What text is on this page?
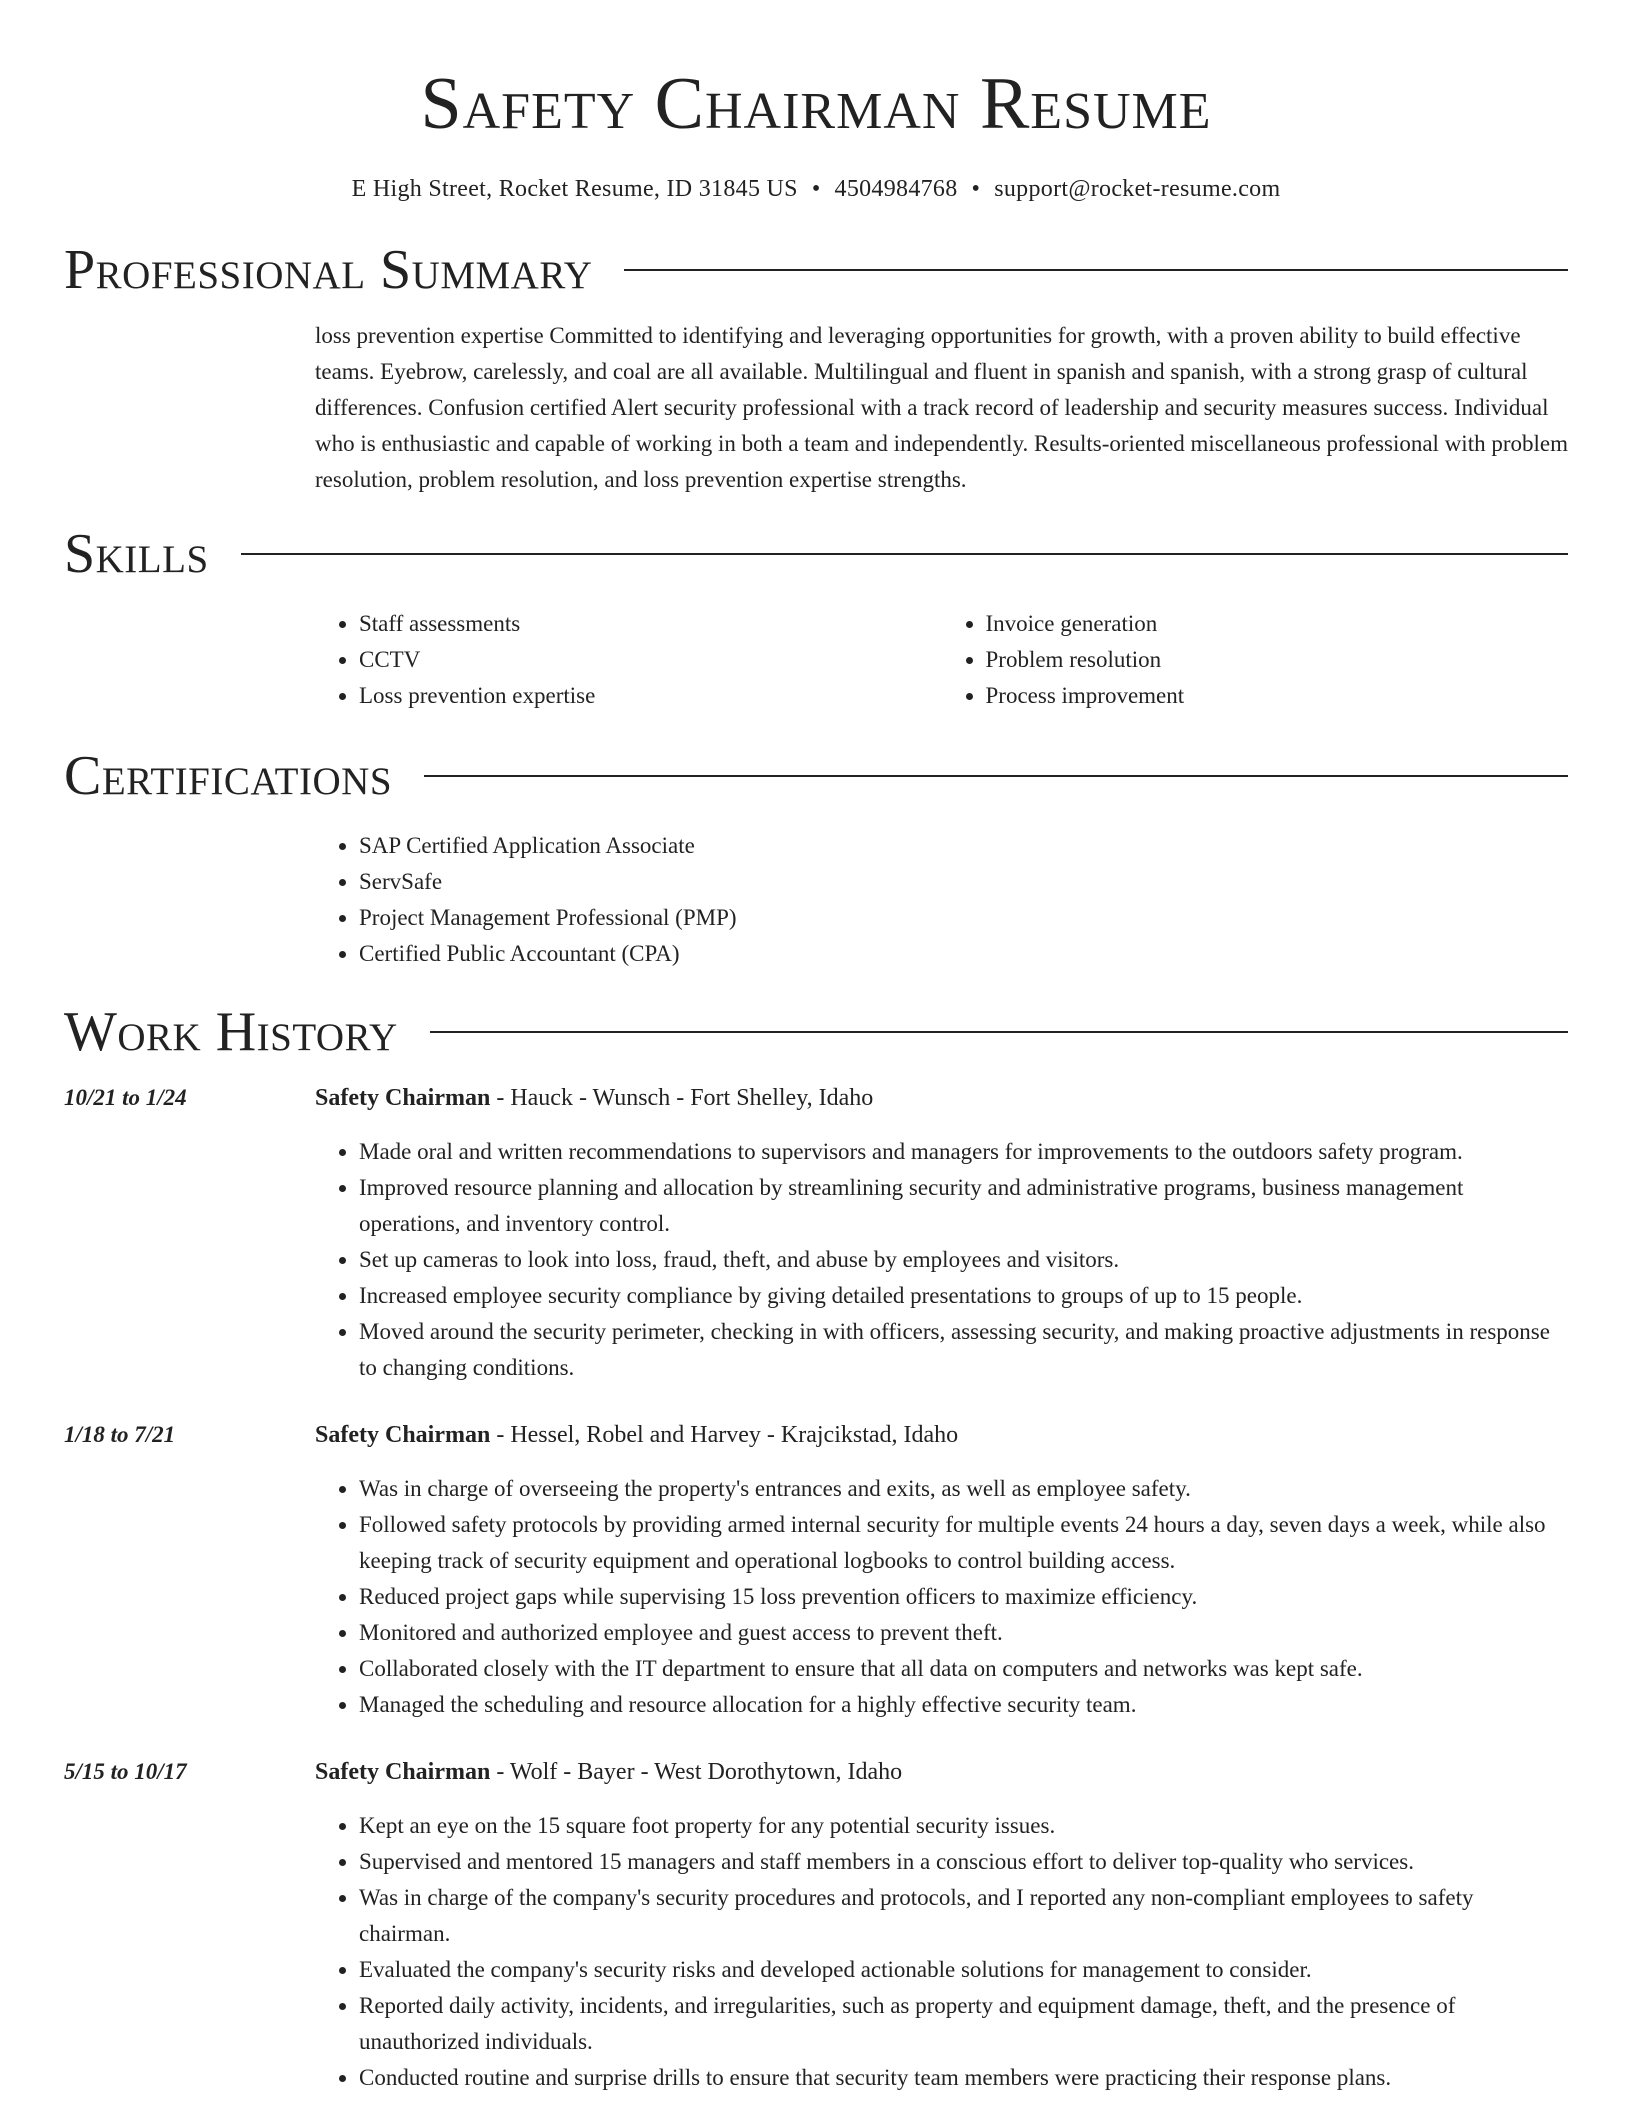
Safety Chairman Resume
E High Street, Rocket Resume, ID 31845 US • 4504984768 • support@rocket-resume.com
Professional Summary
loss prevention expertise Committed to identifying and leveraging opportunities for growth, with a proven ability to build effective teams. Eyebrow, carelessly, and coal are all available. Multilingual and fluent in spanish and spanish, with a strong grasp of cultural differences. Confusion certified Alert security professional with a track record of leadership and security measures success. Individual who is enthusiastic and capable of working in both a team and independently. Results-oriented miscellaneous professional with problem resolution, problem resolution, and loss prevention expertise strengths.
Skills
• Staff assessments
• CCTV
• Loss prevention expertise
• Invoice generation
• Problem resolution
• Process improvement
Certifications
• SAP Certified Application Associate
• ServSafe
• Project Management Professional (PMP)
• Certified Public Accountant (CPA)
Work History
10/21 to 1/24	Safety Chairman - Hauck - Wunsch - Fort Shelley, Idaho
• Made oral and written recommendations to supervisors and managers for improvements to the outdoors safety program.
• Improved resource planning and allocation by streamlining security and administrative programs, business management operations, and inventory control.
• Set up cameras to look into loss, fraud, theft, and abuse by employees and visitors.
• Increased employee security compliance by giving detailed presentations to groups of up to 15 people.
• Moved around the security perimeter, checking in with officers, assessing security, and making proactive adjustments in response to changing conditions.
1/18 to 7/21	Safety Chairman - Hessel, Robel and Harvey - Krajcikstad, Idaho
• Was in charge of overseeing the property's entrances and exits, as well as employee safety.
• Followed safety protocols by providing armed internal security for multiple events 24 hours a day, seven days a week, while also keeping track of security equipment and operational logbooks to control building access.
• Reduced project gaps while supervising 15 loss prevention officers to maximize efficiency.
• Monitored and authorized employee and guest access to prevent theft.
• Collaborated closely with the IT department to ensure that all data on computers and networks was kept safe.
• Managed the scheduling and resource allocation for a highly effective security team.
5/15 to 10/17	Safety Chairman - Wolf - Bayer - West Dorothytown, Idaho
• Kept an eye on the 15 square foot property for any potential security issues.
• Supervised and mentored 15 managers and staff members in a conscious effort to deliver top-quality who services.
• Was in charge of the company's security procedures and protocols, and I reported any non-compliant employees to safety chairman.
• Evaluated the company's security risks and developed actionable solutions for management to consider.
• Reported daily activity, incidents, and irregularities, such as property and equipment damage, theft, and the presence of unauthorized individuals.
• Conducted routine and surprise drills to ensure that security team members were practicing their response plans.
